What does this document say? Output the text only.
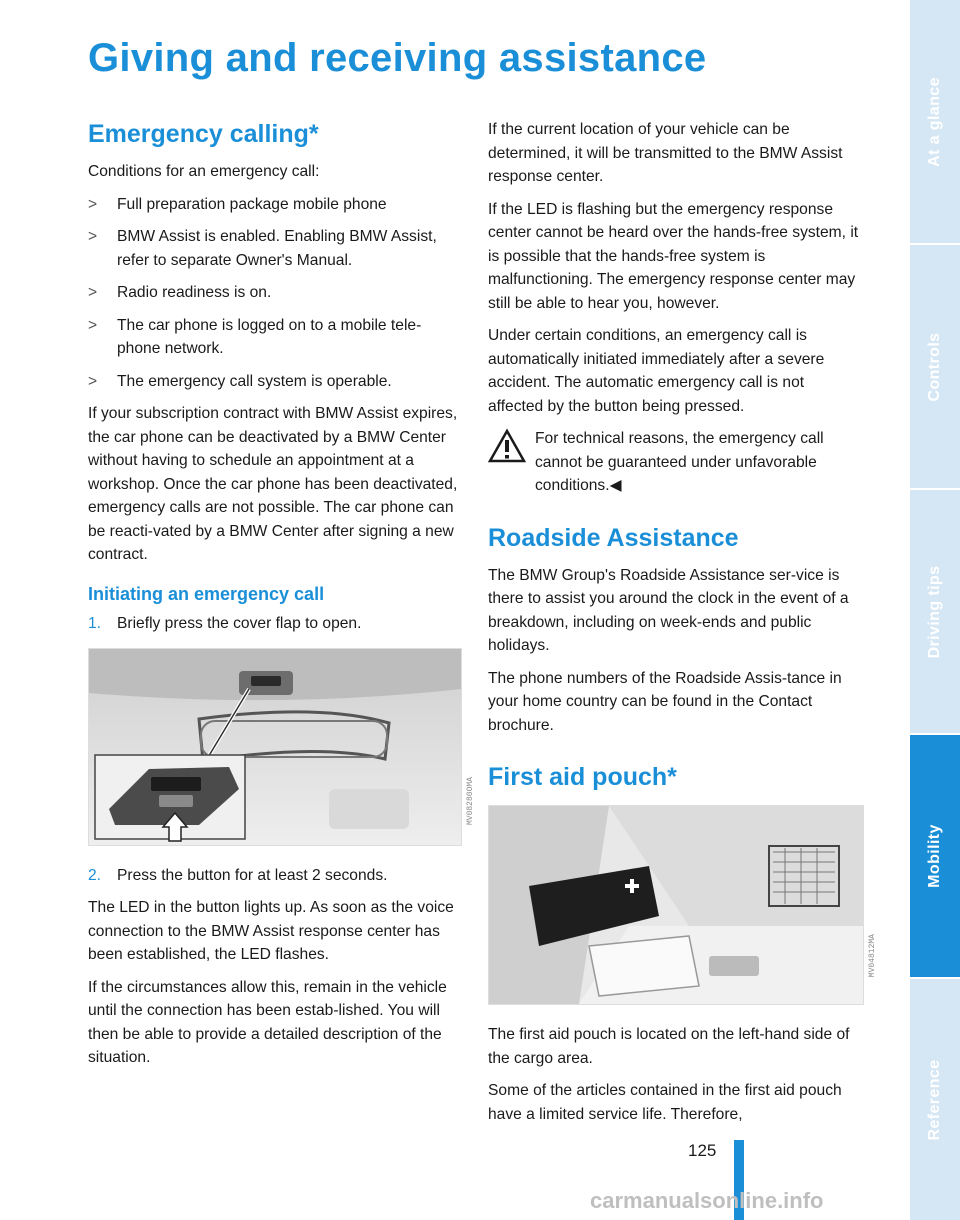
Giving and receiving assistance
Emergency calling*

Conditions for an emergency call:

> Full preparation package mobile phone
> BMW Assist is enabled. Enabling BMW Assist, refer to separate Owner's Manual.
> Radio readiness is on.
> The car phone is logged on to a mobile tele-phone network.
> The emergency call system is operable.

If your subscription contract with BMW Assist expires, the car phone can be deactivated by a BMW Center without having to schedule an appointment at a workshop. Once the car phone has been deactivated, emergency calls are not possible. The car phone can be reacti-vated by a BMW Center after signing a new contract.

Initiating an emergency call
1. Briefly press the cover flap to open.
MV08280OMA
2. Press the button for at least 2 seconds.

The LED in the button lights up. As soon as the voice connection to the BMW Assist response center has been established, the LED flashes.

If the circumstances allow this, remain in the vehicle until the connection has been estab-lished. You will then be able to provide a detailed description of the situation.

If the current location of your vehicle can be determined, it will be transmitted to the BMW Assist response center.

If the LED is flashing but the emergency response center cannot be heard over the hands-free system, it is possible that the hands-free system is malfunctioning. The emergency response center may still be able to hear you, however.

Under certain conditions, an emergency call is automatically initiated immediately after a severe accident. The automatic emergency call is not affected by the button being pressed.

For technical reasons, the emergency call cannot be guaranteed under unfavorable conditions.◀

Roadside Assistance

The BMW Group's Roadside Assistance ser-vice is there to assist you around the clock in the event of a breakdown, including on week-ends and public holidays.

The phone numbers of the Roadside Assis-tance in your home country can be found in the Contact brochure.

First aid pouch*
MV04812MA

The first aid pouch is located on the left-hand side of the cargo area.

Some of the articles contained in the first aid pouch have a limited service life. Therefore,

At a glance
Controls
Driving tips
Mobility
Reference
125
carmanualsonline.info
